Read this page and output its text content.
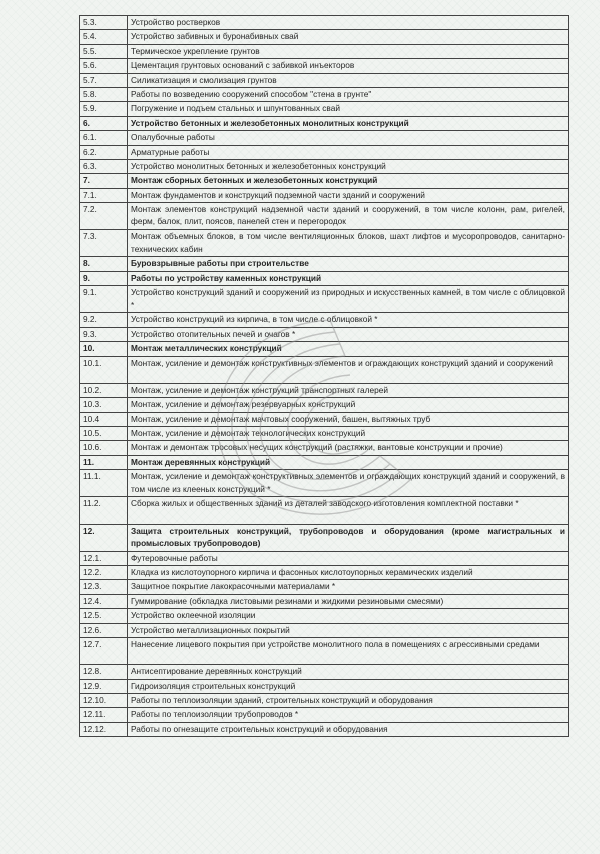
5.3.	Устройство ростверков
5.4.	Устройство забивных и буронабивных свай
5.5.	Термическое укрепление грунтов
5.6.	Цементация грунтовых оснований с забивкой инъекторов
5.7.	Силикатизация и смолизация грунтов
5.8.	Работы по возведению сооружений способом "стена в грунте"
5.9.	Погружение и подъем стальных и шпунтованных свай
6.	Устройство бетонных и железобетонных монолитных конструкций
6.1.	Опалубочные работы
6.2.	Арматурные работы
6.3.	Устройство монолитных бетонных и железобетонных конструкций
7.	Монтаж сборных бетонных и железобетонных конструкций
7.1.	Монтаж фундаментов и конструкций подземной части зданий и сооружений
7.2.	Монтаж элементов конструкций надземной части зданий и сооружений, в том числе колонн, рам, ригелей, ферм, балок, плит, поясов, панелей стен и перегородок
7.3.	Монтаж объемных блоков, в том числе вентиляционных блоков, шахт лифтов и мусоропроводов, санитарно-технических кабин
8.	Буровзрывные работы при строительстве
9.	Работы по устройству каменных конструкций
9.1.	Устройство конструкций зданий и сооружений из природных и искусственных камней, в том числе с облицовкой *
9.2.	Устройство конструкций из кирпича, в том числе с облицовкой *
9.3.	Устройство отопительных печей и очагов *
10.	Монтаж металлических конструкций
10.1.	Монтаж, усиление и демонтаж конструктивных элементов и ограждающих конструкций зданий и сооружений
10.2.	Монтаж, усиление и демонтаж конструкций транспортных галерей
10.3.	Монтаж, усиление и демонтаж резервуарных конструкций
10.4	Монтаж, усиление и демонтаж мачтовых сооружений, башен, вытяжных труб
10.5.	Монтаж, усиление и демонтаж технологических конструкций
10.6.	Монтаж и демонтаж тросовых несущих конструкций (растяжки, вантовые конструкции и прочие)
11.	Монтаж деревянных конструкций
11.1.	Монтаж, усиление и демонтаж конструктивных элементов и ограждающих конструкций зданий и сооружений, в том числе из клееных конструкций *
11.2.	Сборка жилых и общественных зданий из деталей заводского изготовления комплектной поставки *
12.	Защита строительных конструкций, трубопроводов и оборудования (кроме магистральных и промысловых трубопроводов)
12.1.	Футеровочные работы
12.2.	Кладка из кислотоупорного кирпича и фасонных кислотоупорных керамических изделий
12.3.	Защитное покрытие лакокрасочными материалами *
12.4.	Гуммирование (обкладка листовыми резинами и жидкими резиновыми смесями)
12.5.	Устройство оклеечной изоляции
12.6.	Устройство металлизационных покрытий
12.7.	Нанесение лицевого покрытия при устройстве монолитного пола в помещениях с агрессивными средами
12.8.	Антисептирование деревянных конструкций
12.9.	Гидроизоляция строительных конструкций
12.10.	Работы по теплоизоляции зданий, строительных конструкций и оборудования
12.11.	Работы по теплоизоляции трубопроводов *
12.12.	Работы по огнезащите строительных конструкций и оборудования
